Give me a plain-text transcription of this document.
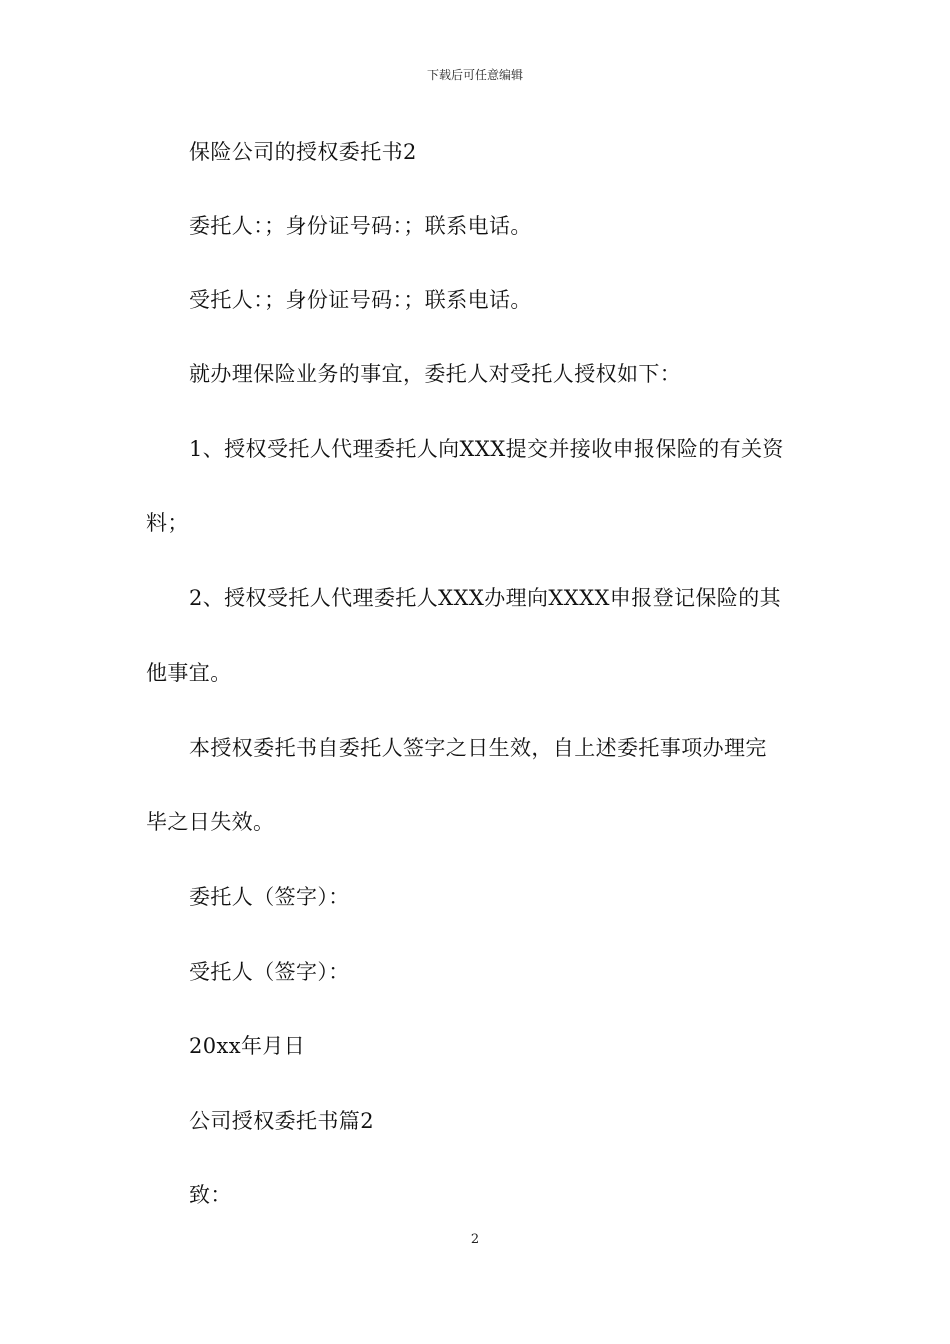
下载后可任意编辑
保险公司的授权委托书2
委托人：；身份证号码：；联系电话。
受托人：；身份证号码：；联系电话。
就办理保险业务的事宜，委托人对受托人授权如下：
1、授权受托人代理委托人向XXX提交并接收申报保险的有关资
料；
2、授权受托人代理委托人XXX办理向XXXX申报登记保险的其
他事宜。
本授权委托书自委托人签字之日生效，自上述委托事项办理完
毕之日失效。
委托人（签字）：
受托人（签字）：
20xx年月日
公司授权委托书篇2
致：
2
